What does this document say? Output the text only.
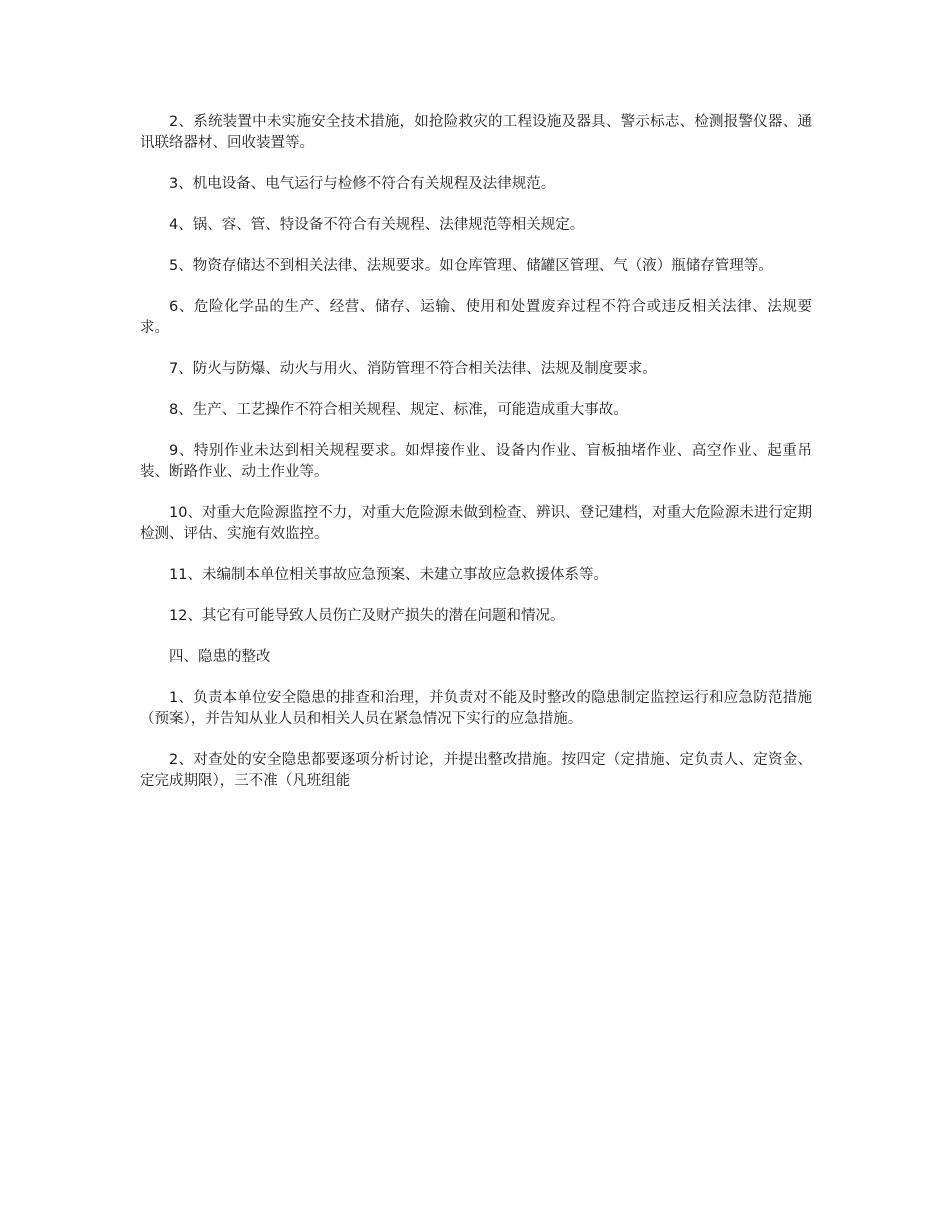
2、系统装置中未实施安全技术措施，如抢险救灾的工程设施及器具、警示标志、检测报警仪器、通讯联络器材、回收装置等。

3、机电设备、电气运行与检修不符合有关规程及法律规范。

4、锅、容、管、特设备不符合有关规程、法律规范等相关规定。

5、物资存储达不到相关法律、法规要求。如仓库管理、储罐区管理、气（液）瓶储存管理等。

6、危险化学品的生产、经营、储存、运输、使用和处置废弃过程不符合或违反相关法律、法规要求。

7、防火与防爆、动火与用火、消防管理不符合相关法律、法规及制度要求。

8、生产、工艺操作不符合相关规程、规定、标准，可能造成重大事故。

9、特别作业未达到相关规程要求。如焊接作业、设备内作业、盲板抽堵作业、高空作业、起重吊装、断路作业、动土作业等。

10、对重大危险源监控不力，对重大危险源未做到检查、辨识、登记建档，对重大危险源未进行定期检测、评估、实施有效监控。

11、未编制本单位相关事故应急预案、未建立事故应急救援体系等。

12、其它有可能导致人员伤亡及财产损失的潜在问题和情况。

四、隐患的整改

1、负责本单位安全隐患的排查和治理，并负责对不能及时整改的隐患制定监控运行和应急防范措施（预案），并告知从业人员和相关人员在紧急情况下实行的应急措施。

2、对查处的安全隐患都要逐项分析讨论，并提出整改措施。按四定（定措施、定负责人、定资金、定完成期限），三不准（凡班组能
